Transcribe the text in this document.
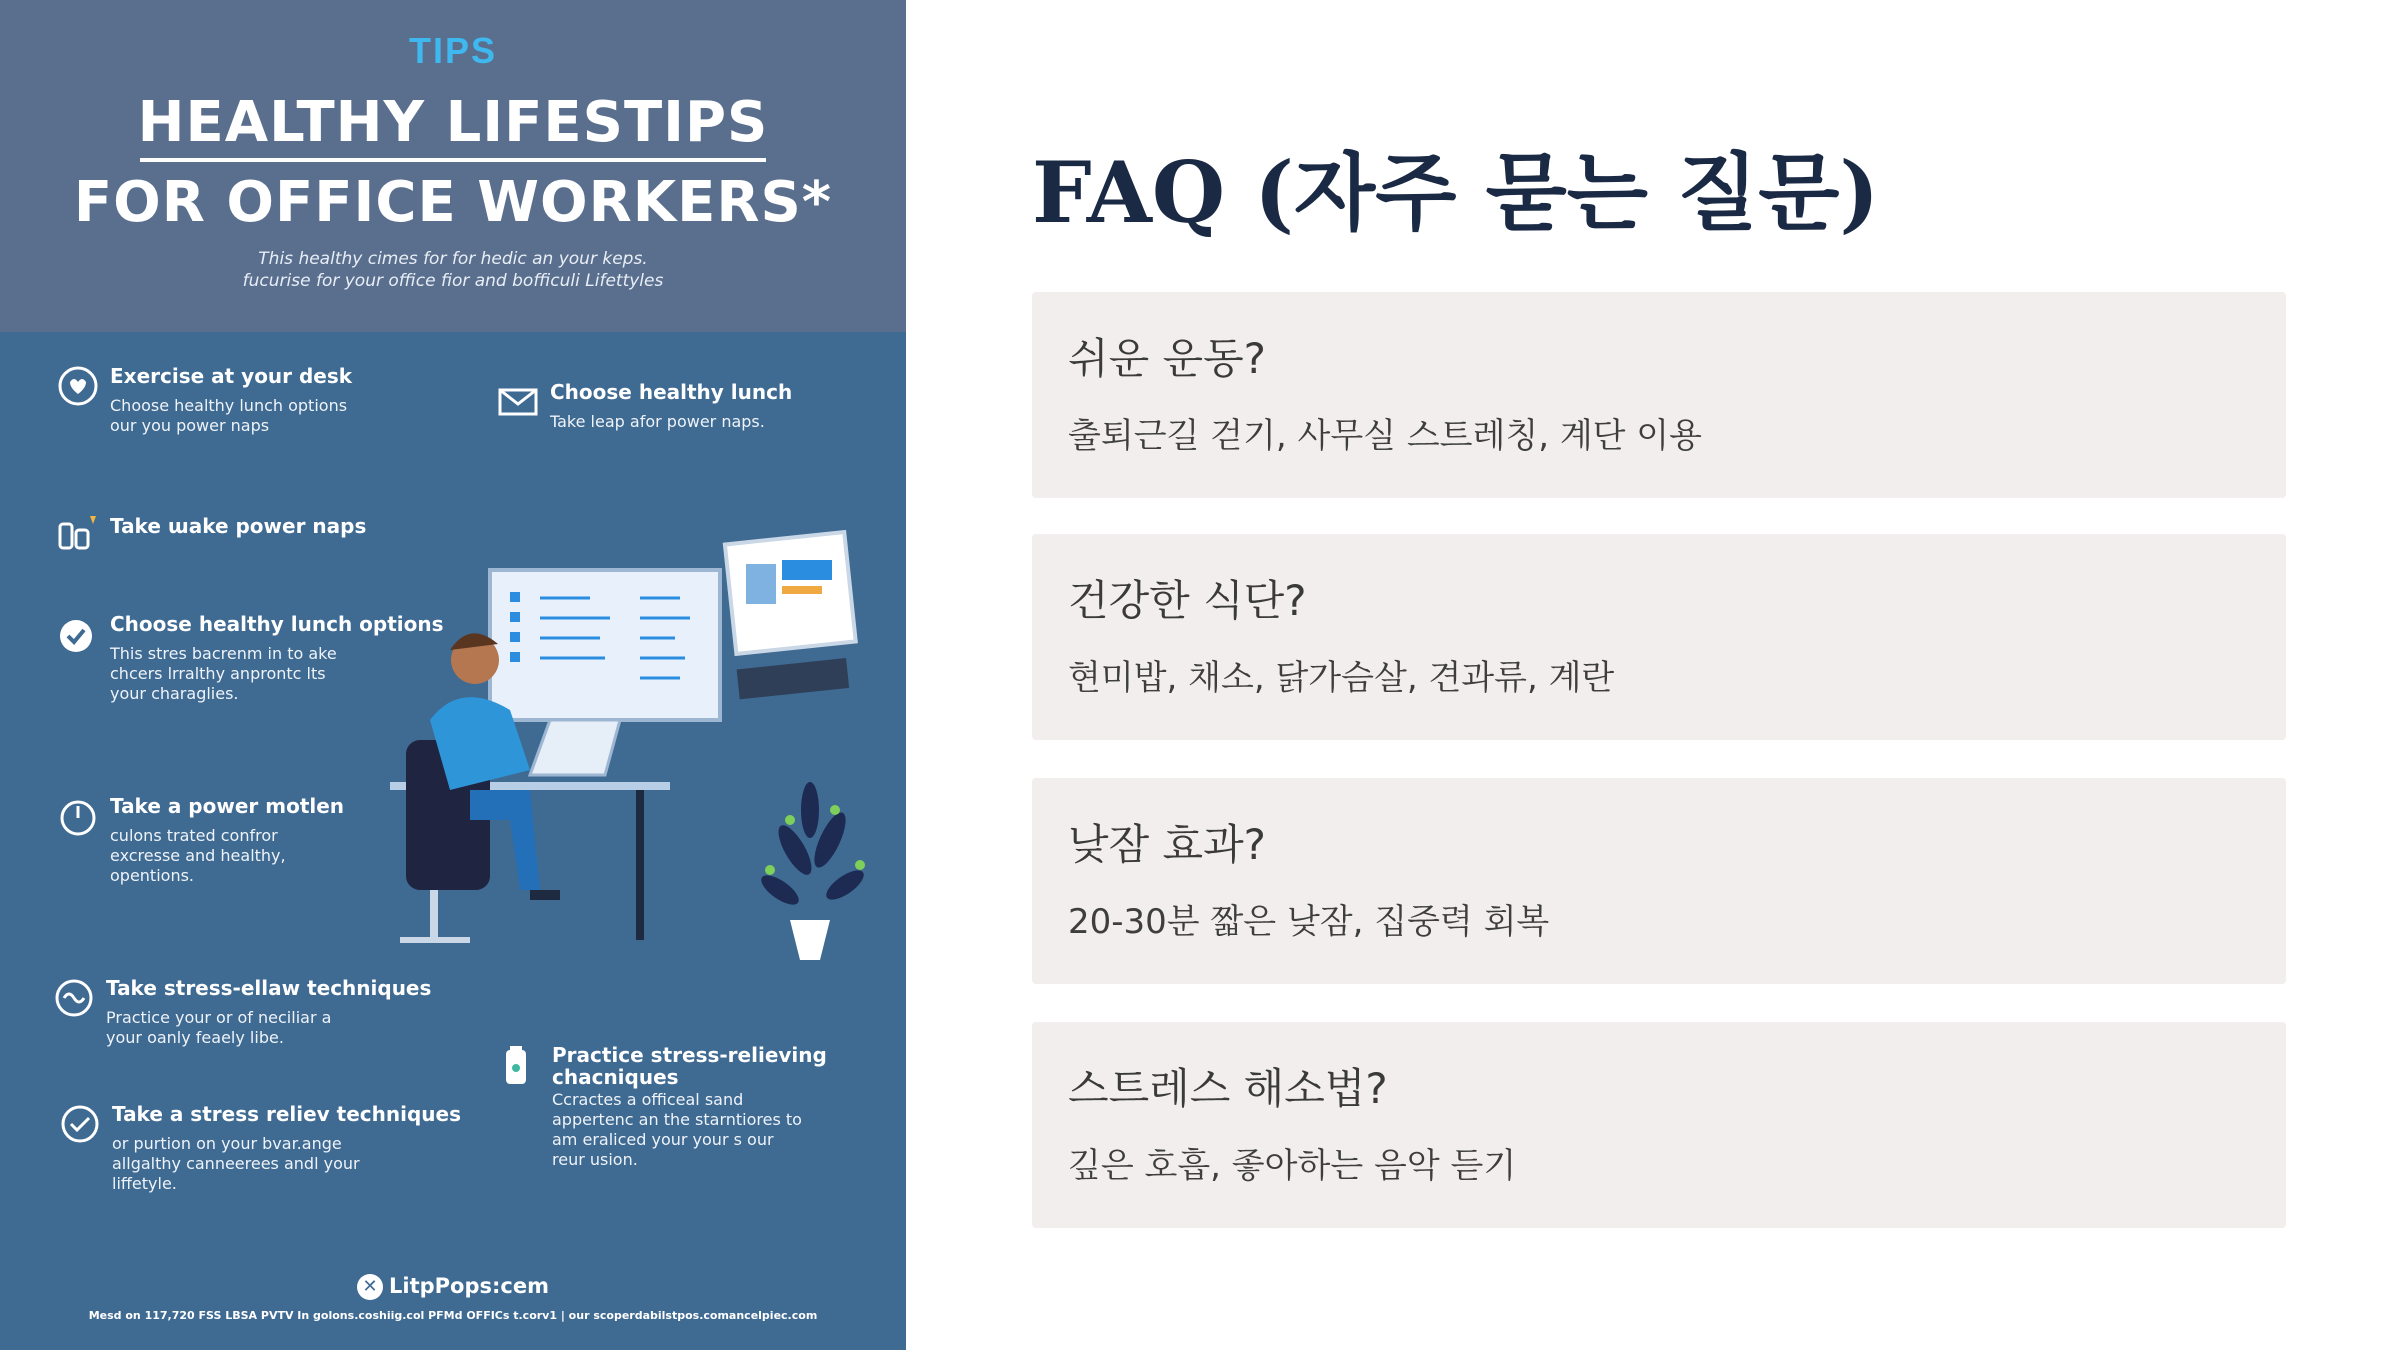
TIPS
HEALTHY LIFESTIPS
FOR OFFICE WORKERS*
This healthy cimes for for hedic an your keps.
fucurise for your office fior and bofficuli Lifettyles
Exercise at your desk
Choose healthy lunch options
our you power naps
Choose healthy lunch
Take leap afor power naps.
Take ɯake power naps
Choose healthy lunch options
This stres bacrenm in to ake
chcers lrralthy anprontc lts
your charaglies.
Take a power motlen
culons trated confror
excresse and healthy,
opentions.
Take stress-ellaw techniques
Practice your or of neciliar a
your oanly feaely libe.
Practice stress-relieving
chacniques
Ccractes a officeal sand
appertenc an the starntiores to
am eraliced your your s our
reur usion.
Take a stress reliev techniques
or purtion on your bvar.ange
allgalthy canneerees andl your
liffetyle.
✕ LitpPops:cem
Mesd on 117,720 FSS LBSA PVTV In golons.coshiig.col PFMd OFFICs t.corv1 | our scoperdabilstpos.comancelpiec.com
FAQ (자주 묻는 질문)
쉬운 운동?
출퇴근길 걷기, 사무실 스트레칭, 계단 이용
건강한 식단?
현미밥, 채소, 닭가슴살, 견과류, 계란
낮잠 효과?
20-30분 짧은 낮잠, 집중력 회복
스트레스 해소법?
깊은 호흡, 좋아하는 음악 듣기
